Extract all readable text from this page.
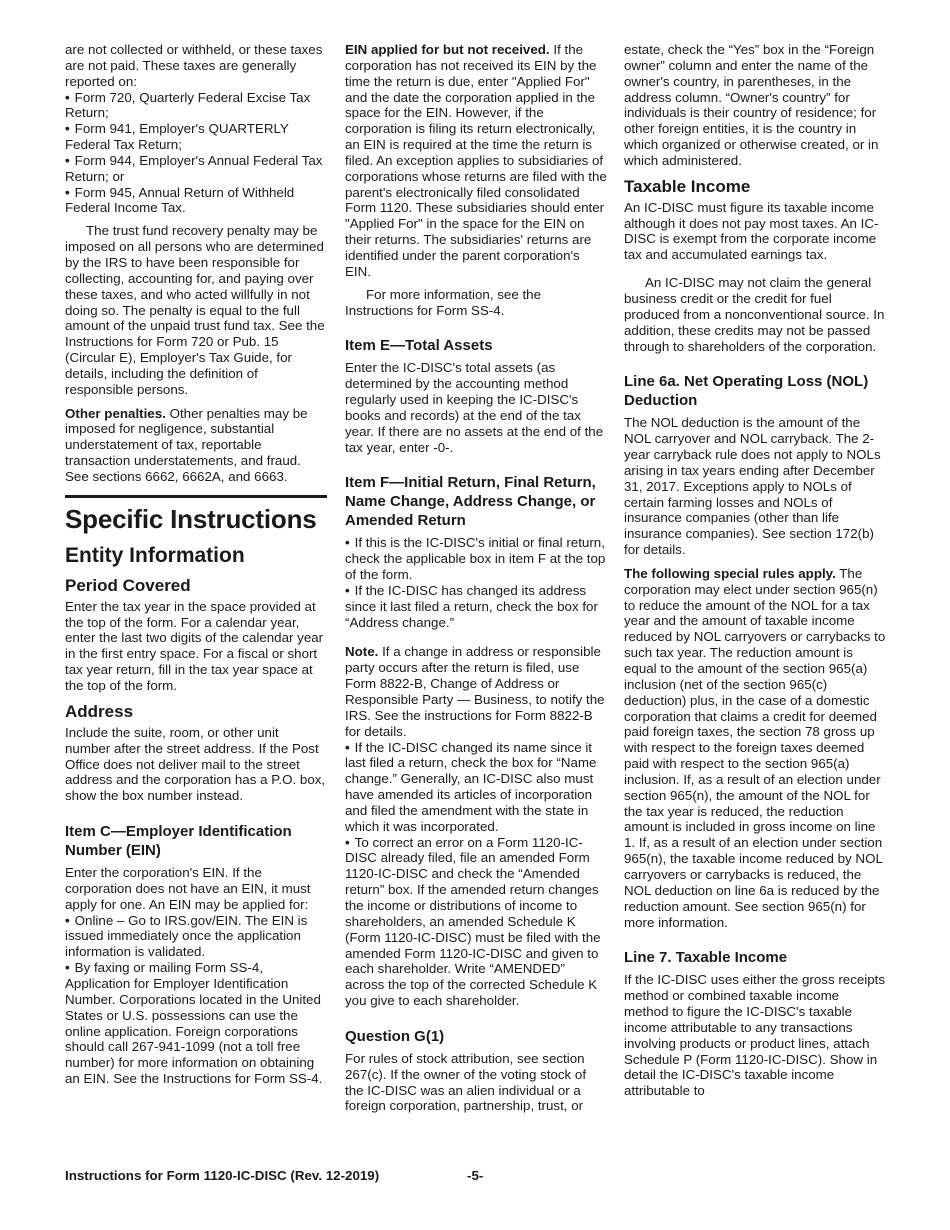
are not collected or withheld, or these taxes are not paid. These taxes are generally reported on:

• Form 720, Quarterly Federal Excise Tax Return;

• Form 941, Employer's QUARTERLY Federal Tax Return;

• Form 944, Employer's Annual Federal Tax Return; or

• Form 945, Annual Return of Withheld Federal Income Tax.

The trust fund recovery penalty may be imposed on all persons who are determined by the IRS to have been responsible for collecting, accounting for, and paying over these taxes, and who acted willfully in not doing so. The penalty is equal to the full amount of the unpaid trust fund tax. See the Instructions for Form 720 or Pub. 15 (Circular E), Employer's Tax Guide, for details, including the definition of responsible persons.

Other penalties. Other penalties may be imposed for negligence, substantial understatement of tax, reportable transaction understatements, and fraud. See sections 6662, 6662A, and 6663.

Specific Instructions
Entity Information
Period Covered

Enter the tax year in the space provided at the top of the form. For a calendar year, enter the last two digits of the calendar year in the first entry space. For a fiscal or short tax year return, fill in the tax year space at the top of the form.

Address

Include the suite, room, or other unit number after the street address. If the Post Office does not deliver mail to the street address and the corporation has a P.O. box, show the box number instead.

Item C—Employer Identification Number (EIN)

Enter the corporation's EIN. If the corporation does not have an EIN, it must apply for one. An EIN may be applied for:

• Online – Go to IRS.gov/EIN. The EIN is issued immediately once the application information is validated.

• By faxing or mailing Form SS-4, Application for Employer Identification Number. Corporations located in the United States or U.S. possessions can use the online application. Foreign corporations should call 267-941-1099 (not a toll free number) for more information on obtaining an EIN. See the Instructions for Form SS-4.

EIN applied for but not received. If the corporation has not received its EIN by the time the return is due, enter "Applied For" and the date the corporation applied in the space for the EIN. However, if the corporation is filing its return electronically, an EIN is required at the time the return is filed. An exception applies to subsidiaries of corporations whose returns are filed with the parent's electronically filed consolidated Form 1120. These subsidiaries should enter "Applied For" in the space for the EIN on their returns. The subsidiaries' returns are identified under the parent corporation's EIN.

For more information, see the Instructions for Form SS-4.

Item E—Total Assets

Enter the IC-DISC's total assets (as determined by the accounting method regularly used in keeping the IC-DISC's books and records) at the end of the tax year. If there are no assets at the end of the tax year, enter -0-.

Item F—Initial Return, Final Return, Name Change, Address Change, or Amended Return

• If this is the IC-DISC's initial or final return, check the applicable box in item F at the top of the form.

• If the IC-DISC has changed its address since it last filed a return, check the box for “Address change.”

Note. If a change in address or responsible party occurs after the return is filed, use Form 8822-B, Change of Address or Responsible Party — Business, to notify the IRS. See the instructions for Form 8822-B for details.

• If the IC-DISC changed its name since it last filed a return, check the box for “Name change.” Generally, an IC-DISC also must have amended its articles of incorporation and filed the amendment with the state in which it was incorporated.

• To correct an error on a Form 1120-IC-DISC already filed, file an amended Form 1120-IC-DISC and check the “Amended return” box. If the amended return changes the income or distributions of income to shareholders, an amended Schedule K (Form 1120-IC-DISC) must be filed with the amended Form 1120-IC-DISC and given to each shareholder. Write “AMENDED” across the top of the corrected Schedule K you give to each shareholder.

Question G(1)

For rules of stock attribution, see section 267(c). If the owner of the voting stock of the IC-DISC was an alien individual or a foreign corporation, partnership, trust, or

estate, check the “Yes” box in the “Foreign owner” column and enter the name of the owner's country, in parentheses, in the address column. “Owner's country” for individuals is their country of residence; for other foreign entities, it is the country in which organized or otherwise created, or in which administered.

Taxable Income

An IC-DISC must figure its taxable income although it does not pay most taxes. An IC-DISC is exempt from the corporate income tax and accumulated earnings tax.

An IC-DISC may not claim the general business credit or the credit for fuel produced from a nonconventional source. In addition, these credits may not be passed through to shareholders of the corporation.

Line 6a. Net Operating Loss (NOL) Deduction

The NOL deduction is the amount of the NOL carryover and NOL carryback. The 2-year carryback rule does not apply to NOLs arising in tax years ending after December 31, 2017. Exceptions apply to NOLs of certain farming losses and NOLs of insurance companies (other than life insurance companies). See section 172(b) for details.

The following special rules apply. The corporation may elect under section 965(n) to reduce the amount of the NOL for a tax year and the amount of taxable income reduced by NOL carryovers or carrybacks to such tax year. The reduction amount is equal to the amount of the section 965(a) inclusion (net of the section 965(c) deduction) plus, in the case of a domestic corporation that claims a credit for deemed paid foreign taxes, the section 78 gross up with respect to the foreign taxes deemed paid with respect to the section 965(a) inclusion. If, as a result of an election under section 965(n), the amount of the NOL for the tax year is reduced, the reduction amount is included in gross income on line 1. If, as a result of an election under section 965(n), the taxable income reduced by NOL carryovers or carrybacks is reduced, the NOL deduction on line 6a is reduced by the reduction amount. See section 965(n) for more information.

Line 7. Taxable Income

If the IC-DISC uses either the gross receipts method or combined taxable income method to figure the IC-DISC's taxable income attributable to any transactions involving products or product lines, attach Schedule P (Form 1120-IC-DISC). Show in detail the IC-DISC's taxable income attributable to

Instructions for Form 1120-IC-DISC (Rev. 12-2019)	-5-
